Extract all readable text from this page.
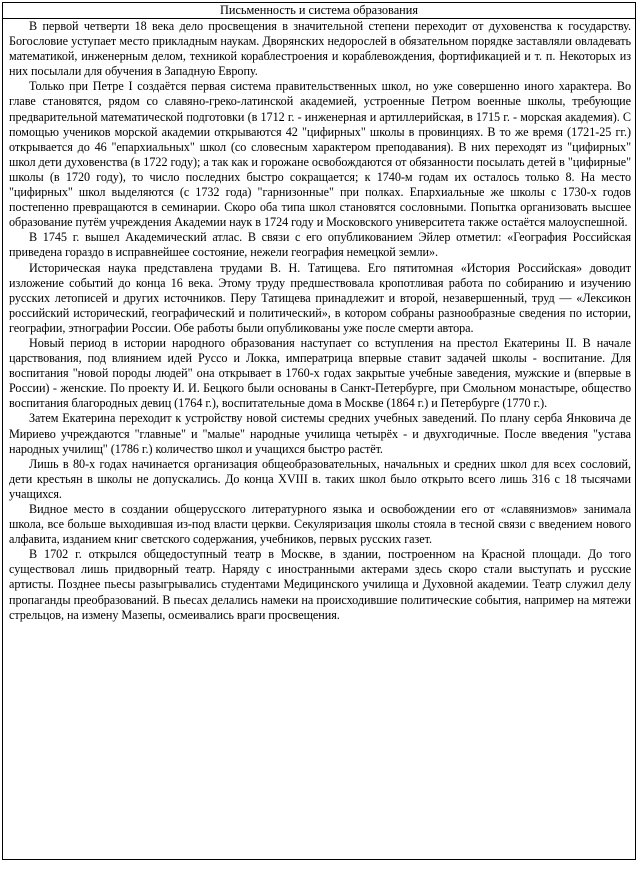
Письменность и система образования

В первой четверти 18 века дело просвещения в значительной степени переходит от духовенства к государству. Богословие уступает место прикладным наукам. Дворянских недорослей в обязательном порядке заставляли овладевать математикой, инженерным делом, техникой кораблестроения и кораблевождения, фортификацией и т. п. Некоторых из них посылали для обучения в Западную Европу.

Только при Петре I создаётся первая система правительственных школ, но уже совершенно иного характера. Во главе становятся, рядом со славяно-греко-латинской академией, устроенные Петром военные школы, требующие предварительной математической подготовки (в 1712 г. - инженерная и артиллерийская, в 1715 г. - морская академия). С помощью учеников морской академии открываются 42 "цифирных" школы в провинциях. В то же время (1721-25 гг.) открывается до 46 "епархиальных" школ (со словесным характером преподавания). В них переходят из "цифирных" школ дети духовенства (в 1722 году); а так как и горожане освобождаются от обязанности посылать детей в "цифирные" школы (в 1720 году), то число последних быстро сокращается; к 1740-м годам их осталось только 8. На место "цифирных" школ выделяются (с 1732 года) "гарнизонные" при полках. Епархиальные же школы с 1730-х годов постепенно превращаются в семинарии. Скоро оба типа школ становятся сословными. Попытка организовать высшее образование путём учреждения Академии наук в 1724 году и Московского университета также остаётся малоуспешной.

В 1745 г. вышел Академический атлас. В связи с его опубликованием Эйлер отметил: «География Российская приведена гораздо в исправнейшее состояние, нежели география немецкой земли».

Историческая наука представлена трудами В. Н. Татищева. Его пятитомная «История Российская» доводит изложение событий до конца 16 века. Этому труду предшествовала кропотливая работа по собиранию и изучению русских летописей и других источников. Перу Татищева принадлежит и второй, незавершенный, труд — «Лексикон российский исторический, географический и политический», в котором собраны разнообразные сведения по истории, географии, этнографии России. Обе работы были опубликованы уже после смерти автора.

Новый период в истории народного образования наступает со вступления на престол Екатерины II. В начале царствования, под влиянием идей Руссо и Локка, императрица впервые ставит задачей школы - воспитание. Для воспитания "новой породы людей" она открывает в 1760-х годах закрытые учебные заведения, мужские и (впервые в России) - женские. По проекту И. И. Бецкого были основаны в Санкт-Петербурге, при Смольном монастыре, общество воспитания благородных девиц (1764 г.), воспитательные дома в Москве (1864 г.) и Петербурге (1770 г.).

Затем Екатерина переходит к устройству новой системы средних учебных заведений. По плану серба Янковича де Мириево учреждаются "главные" и "малые" народные училища четырёх - и двухгодичные. После введения "устава народных училищ" (1786 г.) количество школ и учащихся быстро растёт.

Лишь в 80-х годах начинается организация общеобразовательных, начальных и средних школ для всех сословий, дети крестьян в школы не допускались. До конца XVIII в. таких школ было открыто всего лишь 316 с 18 тысячами учащихся.

Видное место в создании общерусского литературного языка и освобождении его от «славянизмов» занимала школа, все больше выходившая из-под власти церкви. Секуляризация школы стояла в тесной связи с введением нового алфавита, изданием книг светского содержания, учебников, первых русских газет.

В 1702 г. открылся общедоступный театр в Москве, в здании, построенном на Красной площади. До того существовал лишь придворный театр. Наряду с иностранными актерами здесь скоро стали выступать и русские артисты. Позднее пьесы разыгрывались студентами Медицинского училища и Духовной академии. Театр служил делу пропаганды преобразований. В пьесах делались намеки на происходившие политические события, например на мятежи стрельцов, на измену Мазепы, осмеивались враги просвещения.
